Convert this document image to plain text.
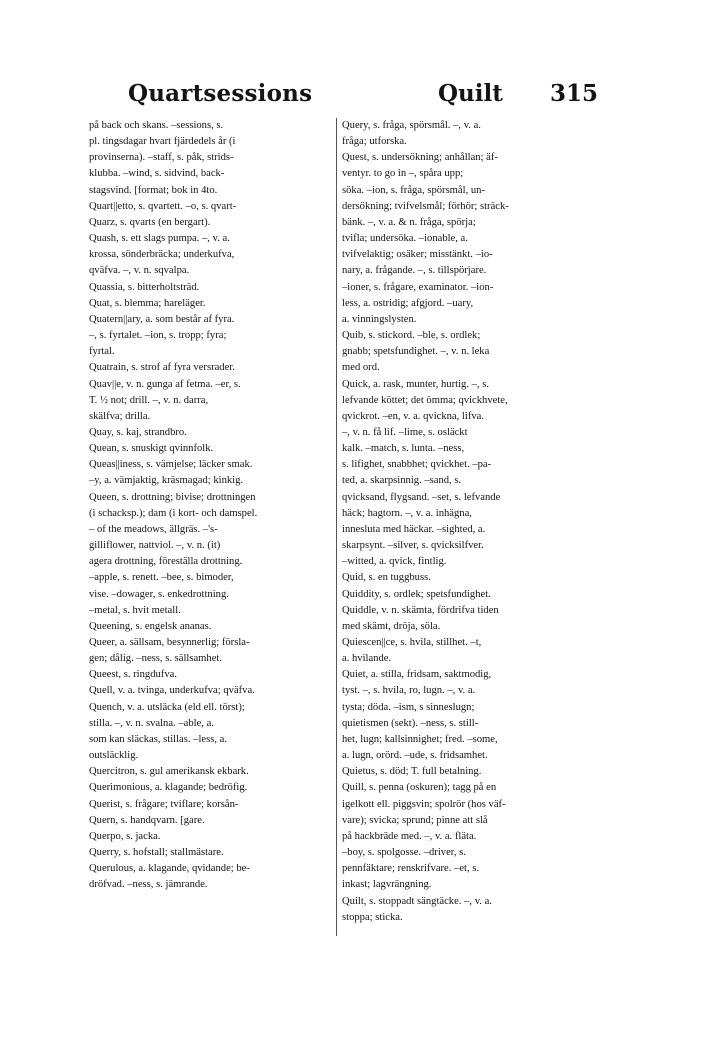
Quartsessions	Quilt 315
på back och skans. –sessions, s.
pl. tingsdagar hvart fjärdedels år (i
provinserna). –staff, s. påk, strids-
klubba. –wind, s. sidvind, back-
stagsvind. [format; bok in 4to.
Quart||etto, s. qvartett. –o, s. qvart-
Quarz, s. qvarts (en bergart).
Quash, s. ett slags pumpa. –, v. a.
krossa, sönderbräcka; underkufva,
qväfva. –, v. n. sqvalpa.
Quassia, s. bitterholtsträd.
Quat, s. blemma; hareläger.
Quatern||ary, a. som består af fyra.
–, s. fyrtalet. –ion, s. tropp; fyra;
fyrtal.
Quatrain, s. strof af fyra versrader.
Quav||e, v. n. gunga af fetma. –er, s.
T. ½ not; drill. –, v. n. darra,
skälfva; drilla.
Quay, s. kaj, strandbro.
Quean, s. snuskigt qvinnfolk.
Queas||iness, s. vämjelse; läcker smak.
–y, a. vämjaktig, kräsmagad; kinkig.
Queen, s. drottning; bivise; drottningen
(i schacksp.); dam (i kort- och damspel.
– of the meadows, ällgräs. –'s-
gilliflower, nattviol. –, v. n. (it)
agera drottning, föreställa drottning.
–apple, s. renett. –bee, s. bimoder,
vise. –dowager, s. enkedrottning.
–metal, s. hvit metall.
Queening, s. engelsk ananas.
Queer, a. sällsam, besynnerlig; förslа-
gen; dålig. –ness, s. sällsamhet.
Queest, s. ringdufva.
Quell, v. a. tvinga, underkufva; qväfva.
Quench, v. a. utsläcka (eld ell. törst);
stilla. –, v. n. svalna. –able, a.
som kan släckas, stillas. –less, a.
outsläcklig.
Quercitron, s. gul amerikansk ekbark.
Querimonious, a. klagande; bedröfig.
Querist, s. frågare; tviflare; korsån-
Quern, s. handqvarn. [gare.
Querpo, s. jacka.
Querry, s. hofstall; stallmästare.
Querulous, a. klagande, qvidande; be-
dröfvad. –ness, s. jämrande.
Query, s. fråga, spörsmål. –, v. a.
fråga; utforska.
Quest, s. undersökning; anhållan; äf-
ventyr. to go in –, spåra upp;
söka. –ion, s. fråga, spörsmål, un-
dersökning; tvifvelsmål; förhör; sträck-
bänk. –, v. a. & n. fråga, spörja;
tvifla; undersöka. –ionable, a.
tvifvelaktig; osäker; misstänkt. –io-
nary, a. frågande. –, s. tillspörjare.
–ioner, s. frågare, examinator. –ion-
less, a. ostridig; afgjord. –uary,
a. vinningslysten.
Quib, s. stickord. –ble, s. ordlek;
gnabb; spetsfundighet. –, v. n. leka
med ord.
Quick, a. rask, munter, hurtig. –, s.
lefvande köttet; det ömma; qvickhvete,
qvickrot. –en, v. a. qvickna, lifva.
–, v. n. få lif. –lime, s. osläckt
kalk. –match, s. lunta. –ness,
s. lifighet, snabbhet; qvickhet. –pa-
ted, a. skarpsinnig. –sand, s.
qvicksand, flygsand. –set, s. lefvande
häck; hagtorn. –, v. a. inhägna,
innesluta med häckar. –sighted, a.
skarpsynt. –silver, s. qvicksilfver.
–witted, a. qvick, fintlig.
Quid, s. en tuggbuss.
Quiddity, s. ordlek; spetsfundighet.
Quiddle, v. n. skämta, fördrifva tiden
med skämt, dröja, söla.
Quiescen||ce, s. hvila, stillhet. –t,
a. hvilande.
Quiet, a. stilla, fridsam, saktmodig,
tyst. –, s. hvila, ro, lugn. –, v. a.
tysta; döda. –ism, s sinneslugn;
quietismen (sekt). –ness, s. still-
het, lugn; kallsinnighet; fred. –some,
a. lugn, orörd. –ude, s. fridsamhet.
Quietus, s. död; T. full betalning.
Quill, s. penna (oskuren); tagg på en
igelkott ell. piggsvin; spolrör (hos väf-
vare); svicka; sprund; pinne att slå
på hackbräde med. –, v. a. fläta.
–boy, s. spolgosse. –driver, s.
pennfäktare; renskrifvare. –et, s.
inkast; lagvrängning.
Quilt, s. stoppadt sängtäcke. –, v. a.
stoppa; sticka.
